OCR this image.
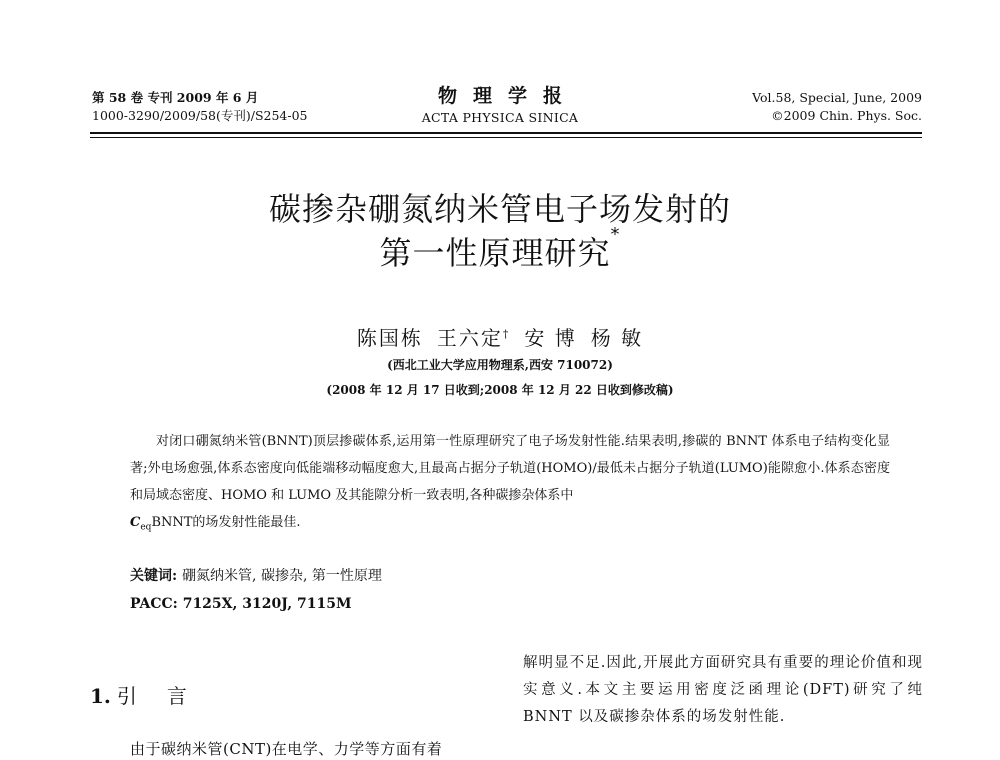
第 58 卷 专刊 2009 年 6 月
1000-3290/2009/58(专刊)/S254-05
物理学报
ACTA PHYSICA SINICA
Vol.58, Special, June, 2009
©2009 Chin. Phys. Soc.
碳掺杂硼氮纳米管电子场发射的
第一性原理研究*
陈国栋 王六定† 安 博 杨 敏
(西北工业大学应用物理系,西安 710072)
(2008 年 12 月 17 日收到;2008 年 12 月 22 日收到修改稿)

对闭口硼氮纳米管(BNNT)顶层掺碳体系,运用第一性原理研究了电子场发射性能.结果表明,掺碳的 BNNT 体系电子结构变化显著;外电场愈强,体系态密度向低能端移动幅度愈大,且最高占据分子轨道(HOMO)/最低未占据分子轨道(LUMO)能隙愈小.体系态密度和局域态密度、HOMO 和 LUMO 及其能隙分析一致表明,各种碳掺杂体系中

$C_{eq}BNNT$的场发射性能最佳.

关键词: 硼氮纳米管, 碳掺杂, 第一性原理
PACC: 7125X, 3120J, 7115M
1. 引言
由于碳纳米管(CNT)在电学、力学等方面有着

解明显不足.因此,开展此方面研究具有重要的理论价值和现实意义.本文主要运用密度泛函理论(DFT)研究了纯 BNNT 以及碳掺杂体系的场发射性能.
